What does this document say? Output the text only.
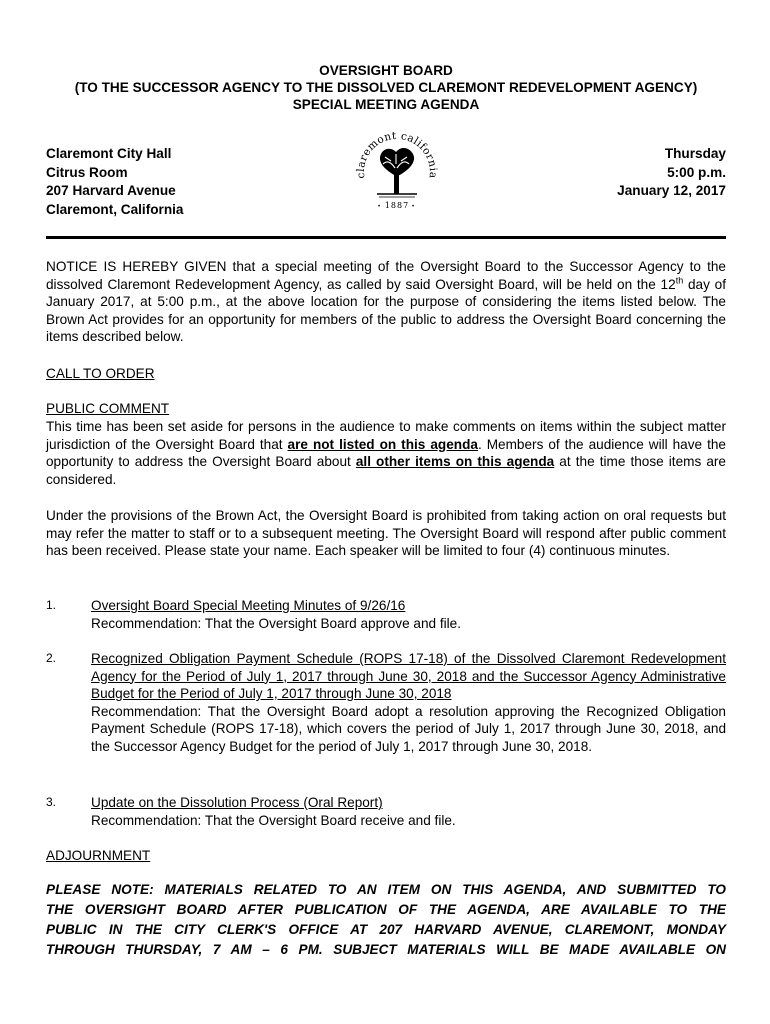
OVERSIGHT BOARD
(TO THE SUCCESSOR AGENCY TO THE DISSOLVED CLAREMONT REDEVELOPMENT AGENCY)
SPECIAL MEETING AGENDA
Claremont City Hall
Citrus Room
207 Harvard Avenue
Claremont, California
claremont california
1887
•	•
Thursday
5:00 p.m.
January 12, 2017
NOTICE IS HEREBY GIVEN that a special meeting of the Oversight Board to the Successor Agency to the dissolved Claremont Redevelopment Agency, as called by said Oversight Board, will be held on the 12th day of January 2017, at 5:00 p.m., at the above location for the purpose of considering the items listed below. The Brown Act provides for an opportunity for members of the public to address the Oversight Board concerning the items described below.
CALL TO ORDER
PUBLIC COMMENT
This time has been set aside for persons in the audience to make comments on items within the subject matter jurisdiction of the Oversight Board that are not listed on this agenda. Members of the audience will have the opportunity to address the Oversight Board about all other items on this agenda at the time those items are considered.
Under the provisions of the Brown Act, the Oversight Board is prohibited from taking action on oral requests but may refer the matter to staff or to a subsequent meeting. The Oversight Board will respond after public comment has been received. Please state your name. Each speaker will be limited to four (4) continuous minutes.
1.	Oversight Board Special Meeting Minutes of 9/26/16
Recommendation: That the Oversight Board approve and file.
2.	Recognized Obligation Payment Schedule (ROPS 17-18) of the Dissolved Claremont Redevelopment Agency for the Period of July 1, 2017 through June 30, 2018 and the Successor Agency Administrative Budget for the Period of July 1, 2017 through June 30, 2018
Recommendation: That the Oversight Board adopt a resolution approving the Recognized Obligation Payment Schedule (ROPS 17-18), which covers the period of July 1, 2017 through June 30, 2018, and the Successor Agency Budget for the period of July 1, 2017 through June 30, 2018.
3.	Update on the Dissolution Process (Oral Report)
Recommendation: That the Oversight Board receive and file.
ADJOURNMENT
PLEASE NOTE: MATERIALS RELATED TO AN ITEM ON THIS AGENDA, AND SUBMITTED TO
THE OVERSIGHT BOARD AFTER PUBLICATION OF THE AGENDA, ARE AVAILABLE TO THE
PUBLIC IN THE CITY CLERK'S OFFICE AT 207 HARVARD AVENUE, CLAREMONT, MONDAY
THROUGH THURSDAY, 7 AM – 6 PM. SUBJECT MATERIALS WILL BE MADE AVAILABLE ON
